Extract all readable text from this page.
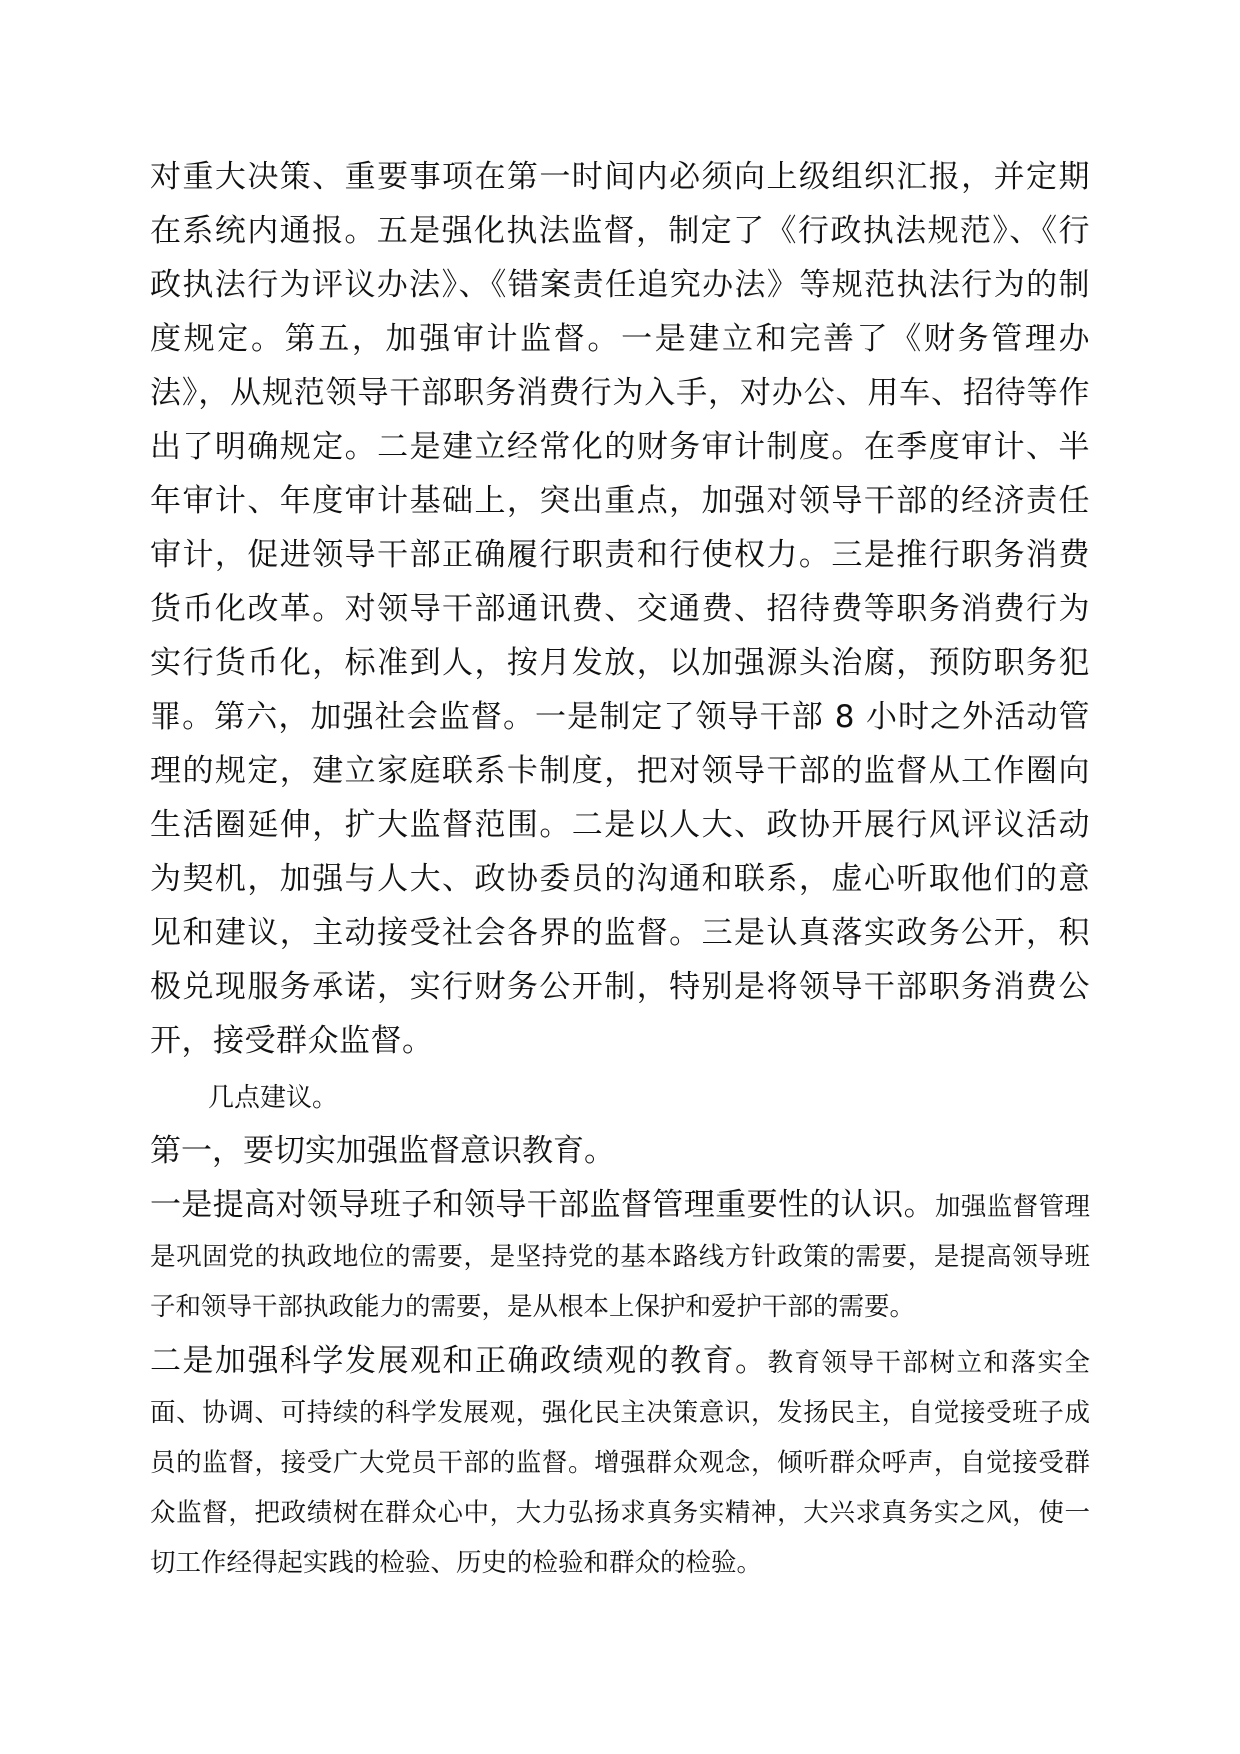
对重大决策、重要事项在第一时间内必须向上级组织汇报，并定期在系统内通报。五是强化执法监督，制定了《行政执法规范》、《行政执法行为评议办法》、《错案责任追究办法》等规范执法行为的制度规定。第五，加强审计监督。一是建立和完善了《财务管理办法》，从规范领导干部职务消费行为入手，对办公、用车、招待等作出了明确规定。二是建立经常化的财务审计制度。在季度审计、半年审计、年度审计基础上，突出重点，加强对领导干部的经济责任审计，促进领导干部正确履行职责和行使权力。三是推行职务消费货币化改革。对领导干部通讯费、交通费、招待费等职务消费行为实行货币化，标准到人，按月发放，以加强源头治腐，预防职务犯罪。第六，加强社会监督。一是制定了领导干部 8 小时之外活动管理的规定，建立家庭联系卡制度，把对领导干部的监督从工作圈向生活圈延伸，扩大监督范围。二是以人大、政协开展行风评议活动为契机，加强与人大、政协委员的沟通和联系，虚心听取他们的意见和建议，主动接受社会各界的监督。三是认真落实政务公开，积极兑现服务承诺，实行财务公开制，特别是将领导干部职务消费公开，接受群众监督。

几点建议。

第一，要切实加强监督意识教育。

一是提高对领导班子和领导干部监督管理重要性的认识。加强监督管理是巩固党的执政地位的需要，是坚持党的基本路线方针政策的需要，是提高领导班子和领导干部执政能力的需要，是从根本上保护和爱护干部的需要。

二是加强科学发展观和正确政绩观的教育。教育领导干部树立和落实全面、协调、可持续的科学发展观，强化民主决策意识，发扬民主，自觉接受班子成员的监督，接受广大党员干部的监督。增强群众观念，倾听群众呼声，自觉接受群众监督，把政绩树在群众心中，大力弘扬求真务实精神，大兴求真务实之风，使一切工作经得起实践的检验、历史的检验和群众的检验。
